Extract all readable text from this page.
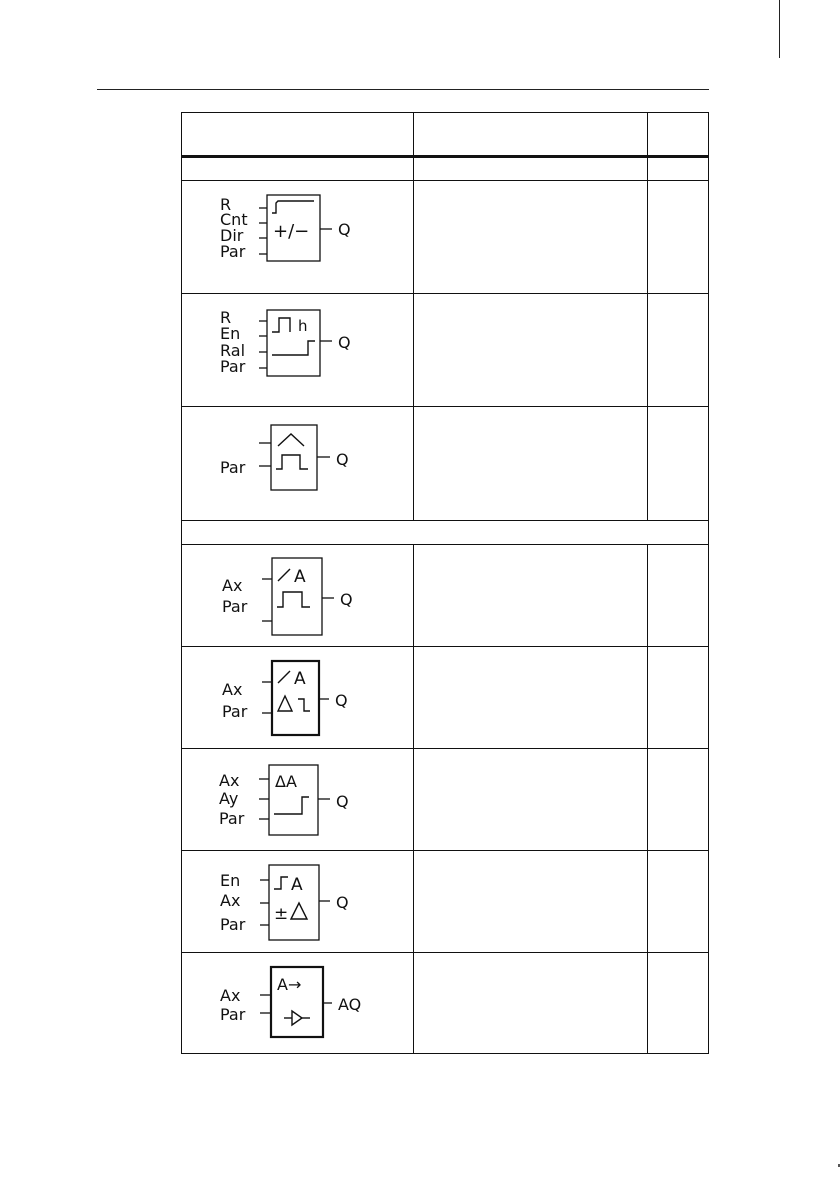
R
Cnt
Dir
Par
+/− Q
R
En
Ral
Par
h
Q
Par	Q
Ax
Par
A
Q
Ax
Par
A
Q
Ax
Ay
Par
ΔA
Q
En
Ax
Par
A
±
Q
Ax
Par
A→
AQ
